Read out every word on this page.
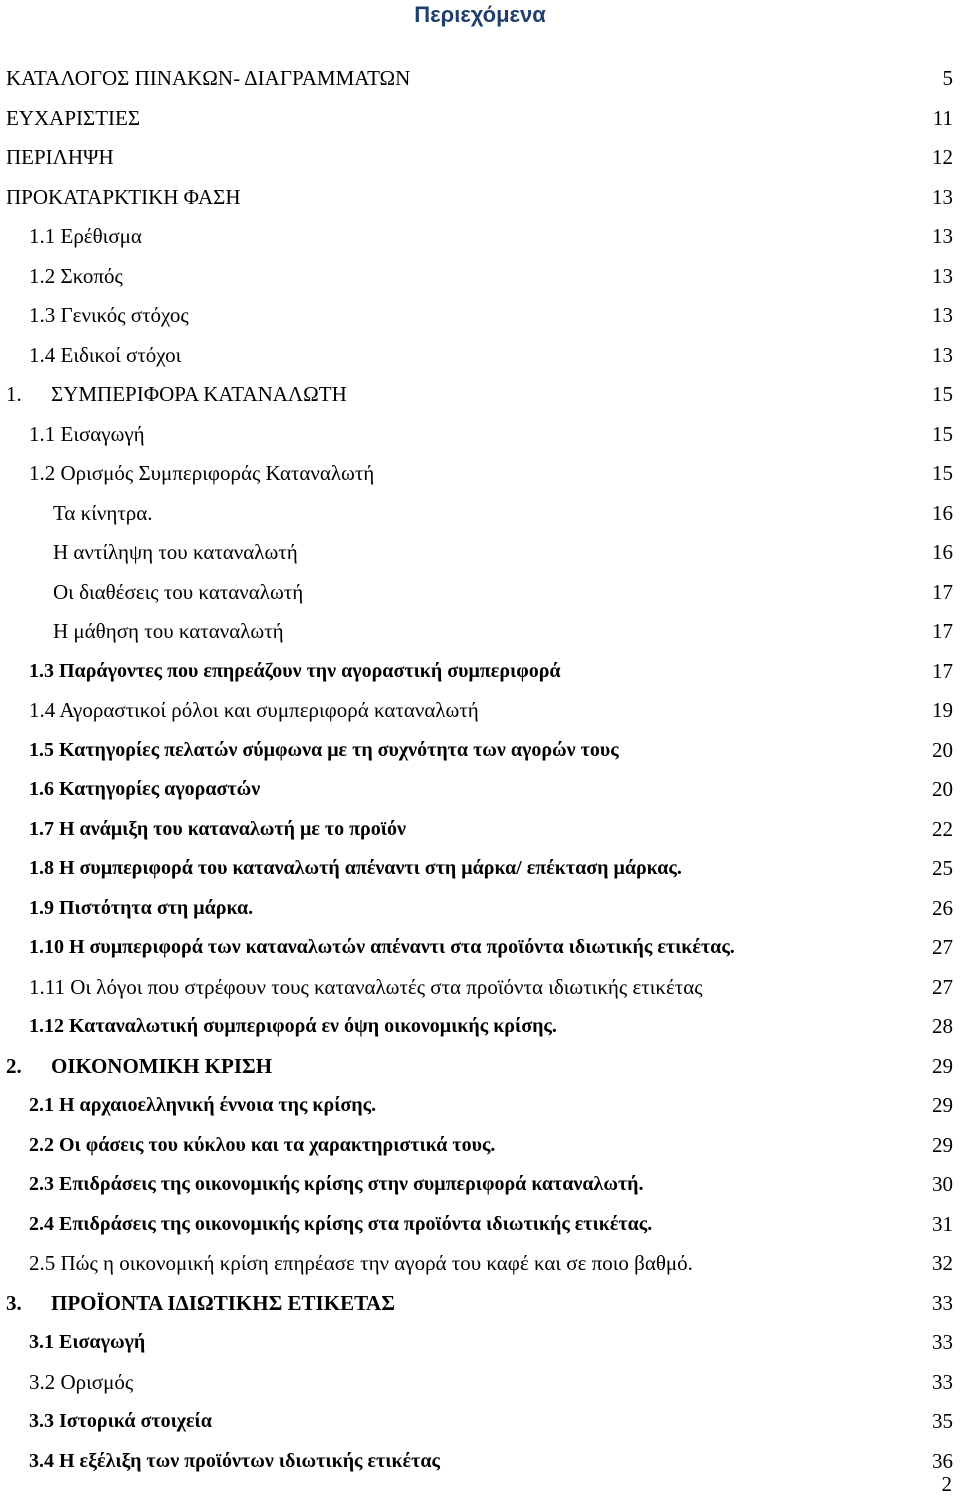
Περιεχόμενα
ΚΑΤΑΛΟΓΟΣ ΠΙΝΑΚΩΝ- ΔΙΑΓΡΑΜΜΑΤΩΝ	5
ΕΥΧΑΡΙΣΤΙΕΣ	11
ΠΕΡΙΛΗΨΗ	12
ΠΡΟΚΑΤΑΡΚΤΙΚΗ ΦΑΣΗ	13
1.1 Ερέθισμα	13
1.2 Σκοπός	13
1.3 Γενικός στόχος	13
1.4 Ειδικοί στόχοι	13
1. ΣΥΜΠΕΡΙΦΟΡΑ ΚΑΤΑΝΑΛΩΤΗ	15
1.1 Εισαγωγή	15
1.2 Ορισμός Συμπεριφοράς Καταναλωτή	15
Τα κίνητρα.	16
Η αντίληψη του καταναλωτή	16
Οι διαθέσεις του καταναλωτή	17
Η μάθηση του καταναλωτή	17
1.3 Παράγοντες που επηρεάζουν την αγοραστική συμπεριφορά	17
1.4 Αγοραστικοί ρόλοι και συμπεριφορά καταναλωτή	19
1.5 Κατηγορίες πελατών σύμφωνα με τη συχνότητα των αγορών τους	20
1.6 Κατηγορίες αγοραστών	20
1.7 Η ανάμιξη του καταναλωτή με το προϊόν	22
1.8 Η συμπεριφορά του καταναλωτή απέναντι στη μάρκα/ επέκταση μάρκας.	25
1.9 Πιστότητα στη μάρκα.	26
1.10 Η συμπεριφορά των καταναλωτών απέναντι στα προϊόντα ιδιωτικής ετικέτας.	27
1.11 Οι λόγοι που στρέφουν τους καταναλωτές στα προϊόντα ιδιωτικής ετικέτας	27
1.12 Καταναλωτική συμπεριφορά εν όψη οικονομικής κρίσης.	28
2. ΟΙΚΟΝΟΜΙΚΗ ΚΡΙΣΗ	29
2.1 Η αρχαιοελληνική έννοια της κρίσης.	29
2.2 Οι φάσεις του κύκλου και τα χαρακτηριστικά τους.	29
2.3 Επιδράσεις της οικονομικής κρίσης στην συμπεριφορά καταναλωτή.	30
2.4 Επιδράσεις της οικονομικής κρίσης στα προϊόντα ιδιωτικής ετικέτας.	31
2.5 Πώς η οικονομική κρίση επηρέασε την αγορά του καφέ και σε ποιο βαθμό.	32
3. ΠΡΟΪΟΝΤΑ ΙΔΙΩΤΙΚΗΣ ΕΤΙΚΕΤΑΣ	33
3.1 Εισαγωγή	33
3.2 Ορισμός	33
3.3 Ιστορικά στοιχεία	35
3.4 Η εξέλιξη των προϊόντων ιδιωτικής ετικέτας	36
2
